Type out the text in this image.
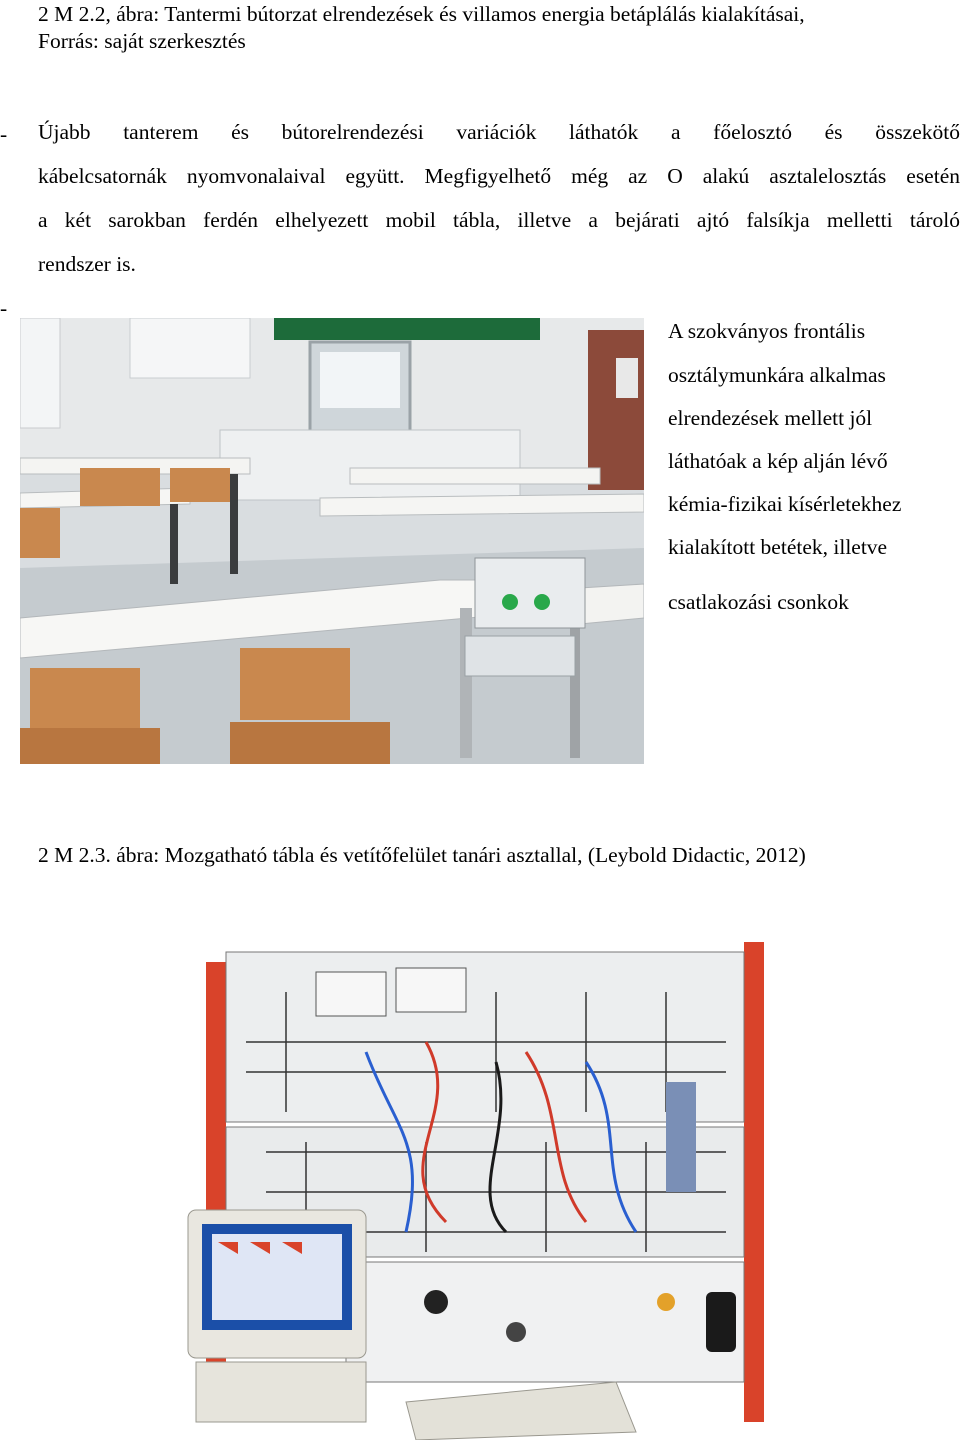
2 M 2.2, ábra: Tantermi bútorzat elrendezések és villamos energia betáplálás kialakításai,
Forrás: saját szerkesztés
-
-
Újabb tanterem és bútorelrendezési variációk láthatók a főelosztó és összekötő
kábelcsatornák nyomvonalaival együtt. Megfigyelhető még az O alakú asztalelosztás esetén
a két sarokban ferdén elhelyezett mobil tábla, illetve a bejárati ajtó falsíkja melletti tároló
rendszer is.
A szokványos frontális
osztálymunkára alkalmas
elrendezések mellett jól
láthatóak a kép alján lévő
kémia-fizikai kísérletekhez
kialakított betétek, illetve
csatlakozási csonkok
2 M 2.3. ábra: Mozgatható tábla és vetítőfelület tanári asztallal, (Leybold Didactic, 2012)
